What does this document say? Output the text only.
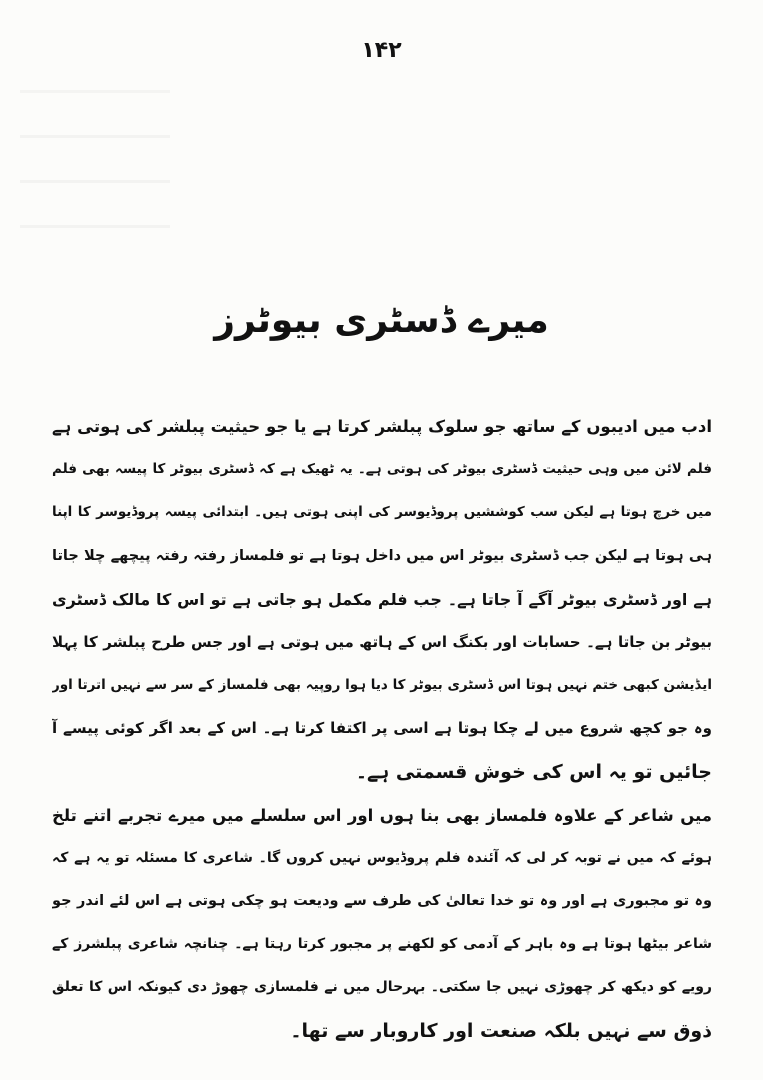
١۴٢
میرے ڈسٹری بیوٹرز
ادب میں ادیبوں کے ساتھ جو سلوک پبلشر کرتا ہے یا جو حیثیت پبلشر کی ہوتی ہے
فلم لائن میں وہی حیثیت ڈسٹری بیوٹر کی ہوتی ہے۔ یہ ٹھیک ہے کہ ڈسٹری بیوٹر کا پیسہ بھی فلم
میں خرچ ہوتا ہے لیکن سب کوششیں پروڈیوسر کی اپنی ہوتی ہیں۔ ابتدائی پیسہ پروڈیوسر کا اپنا
ہی ہوتا ہے لیکن جب ڈسٹری بیوٹر اس میں داخل ہوتا ہے تو فلمساز رفتہ رفتہ پیچھے چلا جاتا
ہے اور ڈسٹری بیوٹر آگے آ جاتا ہے۔ جب فلم مکمل ہو جاتی ہے تو اس کا مالک ڈسٹری
بیوٹر بن جاتا ہے۔ حسابات اور بکنگ اس کے ہاتھ میں ہوتی ہے اور جس طرح پبلشر کا پہلا
ایڈیشن کبھی ختم نہیں ہوتا اس ڈسٹری بیوٹر کا دیا ہوا روپیہ بھی فلمساز کے سر سے نہیں اترتا اور
وہ جو کچھ شروع میں لے چکا ہوتا ہے اسی پر اکتفا کرتا ہے۔ اس کے بعد اگر کوئی پیسے آ
جائیں تو یہ اس کی خوش قسمتی ہے۔
میں شاعر کے علاوہ فلمساز بھی بنا ہوں اور اس سلسلے میں میرے تجربے اتنے تلخ
ہوئے کہ میں نے توبہ کر لی کہ آئندہ فلم پروڈیوس نہیں کروں گا۔ شاعری کا مسئلہ تو یہ ہے کہ
وہ تو مجبوری ہے اور وہ تو خدا تعالیٰ کی طرف سے ودیعت ہو چکی ہوتی ہے اس لئے اندر جو
شاعر بیٹھا ہوتا ہے وہ باہر کے آدمی کو لکھنے پر مجبور کرتا رہتا ہے۔ چنانچہ شاعری پبلشرز کے
رویے کو دیکھ کر چھوڑی نہیں جا سکتی۔ بہرحال میں نے فلمسازی چھوڑ دی کیونکہ اس کا تعلق
ذوق سے نہیں بلکہ صنعت اور کاروبار سے تھا۔
